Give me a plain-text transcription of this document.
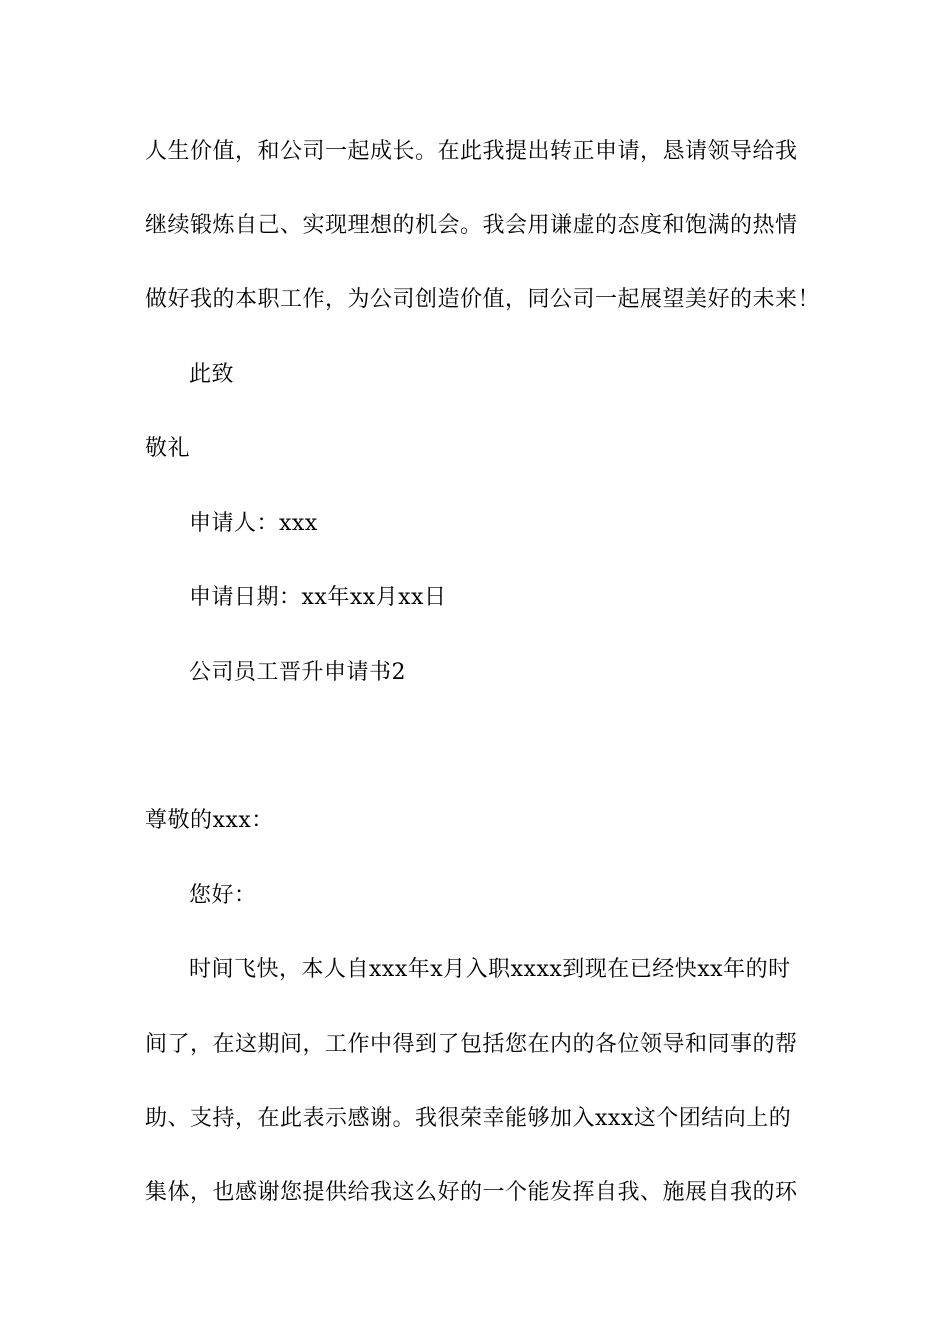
人生价值，和公司一起成长。在此我提出转正申请，恳请领导给我
继续锻炼自己、实现理想的机会。我会用谦虚的态度和饱满的热情
做好我的本职工作，为公司创造价值，同公司一起展望美好的未来！
此致
敬礼
申请人：xxx
申请日期：xx年xx月xx日
公司员工晋升申请书2
尊敬的xxx：
您好：
时间飞快，本人自xxx年x月入职xxxx到现在已经快xx年的时
间了，在这期间，工作中得到了包括您在内的各位领导和同事的帮
助、支持，在此表示感谢。我很荣幸能够加入xxx这个团结向上的
集体，也感谢您提供给我这么好的一个能发挥自我、施展自我的环
